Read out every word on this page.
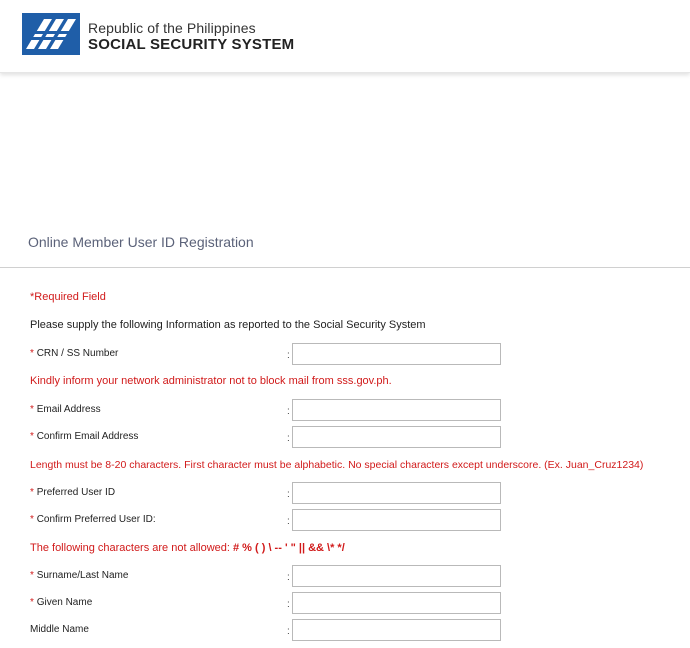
Republic of the Philippines
SOCIAL SECURITY SYSTEM
Online Member User ID Registration
*Required Field
Please supply the following Information as reported to the Social Security System
* CRN / SS Number	:
Kindly inform your network administrator not to block mail from sss.gov.ph.
* Email Address	:
* Confirm Email Address	:
Length must be 8-20 characters. First character must be alphabetic. No special characters except underscore. (Ex. Juan_Cruz1234)
* Preferred User ID	:
* Confirm Preferred User ID:	:
The following characters are not allowed: # % ( ) \ -- ' " || && \* */
* Surname/Last Name	:
* Given Name	:
Middle Name	:
